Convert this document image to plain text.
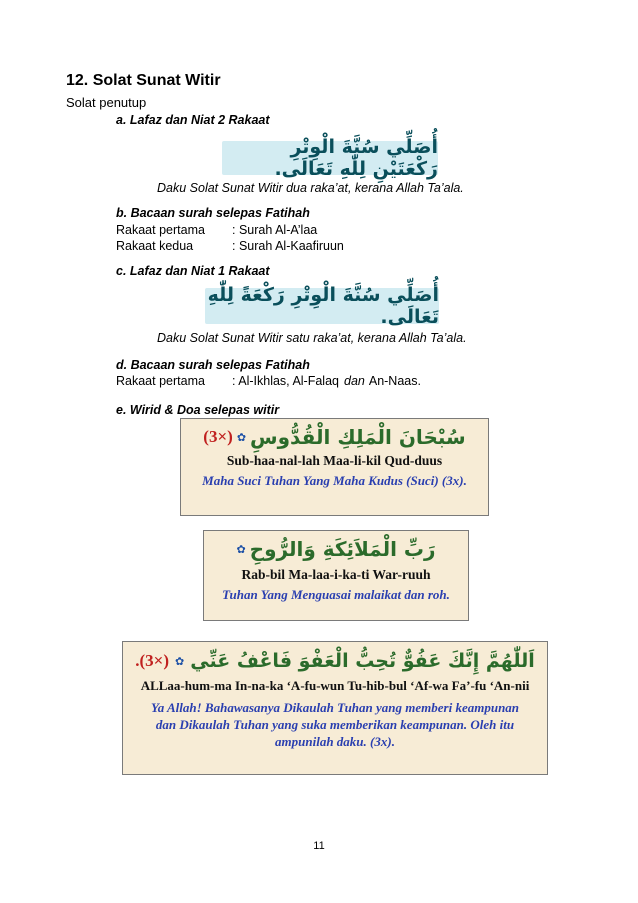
12. Solat Sunat Witir
Solat penutup
a. Lafaz dan Niat 2 Rakaat
أُصَلِّي سُنَّةَ الْوِتْرِ رَكْعَتَيْنِ لِلّٰهِ تَعَالَى.
Daku Solat Sunat Witir dua raka’at, kerana Allah Ta’ala.
b. Bacaan surah selepas Fatihah
Rakaat pertama	: Surah Al-A’laa
Rakaat kedua	: Surah Al-Kaafiruun
c. Lafaz dan Niat 1 Rakaat
أُصَلِّي سُنَّةَ الْوِتْرِ رَكْعَةً لِلّٰهِ تَعَالَى.
Daku Solat Sunat Witir satu raka’at, kerana Allah Ta’ala.
d. Bacaan surah selepas Fatihah
Rakaat pertama	: Al-Ikhlas, Al-Falaq dan An-Naas.
e. Wirid & Doa selepas witir
(3×) ✿ سُبْحَانَ الْمَلِكِ الْقُدُّوسِ
Sub-haa-nal-lah Maa-li-kil Qud-duus
Maha Suci Tuhan Yang Maha Kudus (Suci) (3x).
✿ رَبِّ الْمَلاَئِكَةِ وَالرُّوحِ
Rab-bil Ma-laa-i-ka-ti War-ruuh
Tuhan Yang Menguasai malaikat dan roh.
.(3×) ✿ اَللّٰهُمَّ إِنَّكَ عَفُوٌّ تُحِبُّ الْعَفْوَ فَاعْفُ عَنِّي
ALLaa-hum-ma In-na-ka ‘A-fu-wun Tu-hib-bul ‘Af-wa Fa’-fu ‘An-nii
Ya Allah! Bahawasanya Dikaulah Tuhan yang memberi keampunan
dan Dikaulah Tuhan yang suka memberikan keampunan. Oleh itu
ampunilah daku. (3x).
11
